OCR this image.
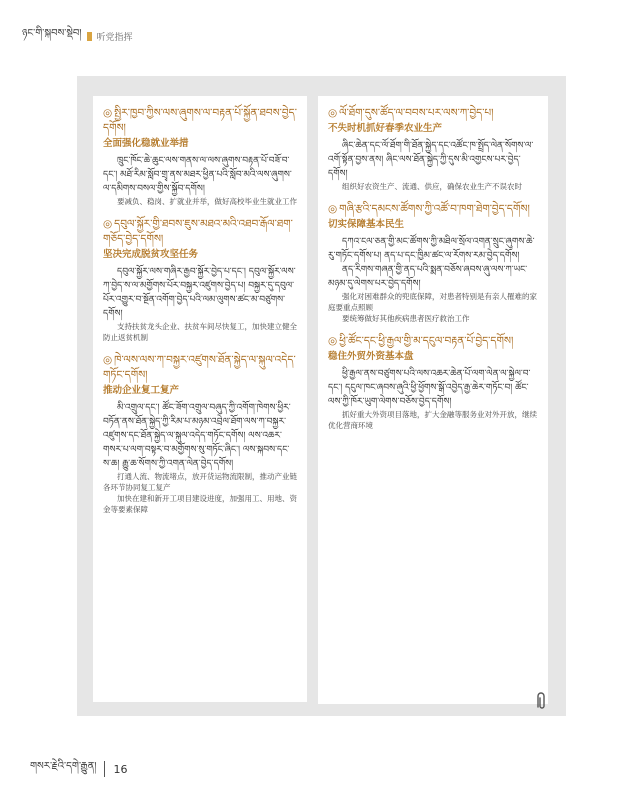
ཉང་གི་སྐབས་སྡེབ། 听党指挥
◎ སྤྱིར་ཁྱབ་ཀྱིས་ལས་ཞུགས་ལ་བརྟན་པོ་སྐྱོན་ཐབས་བྱེད་དགོས།
全面强化稳就业举措
ཁྲུང་ཁོང་ཆེ་ཆུང་ལས་གནས་ལ་ལས་ཞུགས་བརྟན་པོ་བཟོ་བ་དང་། མཐོ་རིམ་སློབ་གྲྭ་ནས་མཐར་ཕྱིན་པའི་སློབ་མའི་ལས་ཞུགས་ལ་དམིགས་བསལ་གྱིས་སྐྱོབ་དགོས།
要减负、稳岗、扩就业并举，做好高校毕业生就业工作
◎ དབུལ་སྐྱོར་གྱི་ཐབས་ཇུས་མཐའ་མའི་འཐབ་རྒོལ་ཐག་གཅོད་བྱེད་དགོས།
坚决完成脱贫攻坚任务
དབུལ་སྐྱོར་ལས་གཞིར་རྒྱབ་སྐྱོར་བྱེད་པ་དང་། དབུལ་སྐྱོར་ལས་ཀ་བྱེད་ས་ལ་མགྱོགས་པོར་བསྐྱར་འཛུགས་བྱེད་པ། བསྐྱར་དུ་དབུལ་པོར་འགྱུར་བ་སྔོན་འགོག་བྱེད་པའི་ལམ་ལུགས་ཚང་མ་བཙུགས་དགོས།
支持扶贫龙头企业、扶贫车间尽快复工，加快建立健全防止返贫机制
◎ ཁེ་ལས་ལས་ཀ་བསྐྱར་འཛུགས་ཐོན་སྐྱེད་ལ་སྐུལ་འདེད་གཏོང་དགོས།
推动企业复工复产
མི་འགྲུལ་དང་། ཚོང་ཟོག་འགྲུལ་བཞུད་ཀྱི་འགོག་ཁེགས་ཕྱིར་བཏོན་ནས་ཐོན་སྐྱེད་ཀྱི་རིམ་པ་མཉམ་འབྲེལ་ཐོག་ལས་ཀ་བསྐྱར་འཛུགས་དང་ཐོན་སྐྱེད་ལ་སྐུལ་འདེད་གཏོང་དགོས། ལས་འཆར་གསར་པ་ལག་བསྟར་བ་མགྱོགས་སུ་གཏོང་ཞིང་། ལས་སྐབས་དང་ས་ཆ། རྒྱུ་ཆ་སོགས་ཀྱི་འགན་ལེན་བྱེད་དགོས།
打通人流、物流堵点，放开货运物流限制，推动产业链各环节协同复工复产
加快在建和新开工项目建设进度，加强用工、用地、资金等要素保障
◎ ལོ་ཐོག་དུས་ཚོད་ལ་བབས་པར་ལས་ཀ་བྱེད་པ།
不失时机抓好春季农业生产
ཞིང་ཆེན་དང་ལོ་ཐོག་གི་ཐོན་སྐྱེད་དང་འཚོང་ཁ་སྤྲོད་ལེན་སོགས་ལ་འགོ་སྟོན་བྱས་ནས། ཞིང་ལས་ཐོན་སྐྱེད་ཀྱི་དུས་མི་འགྱངས་པར་བྱེད་དགོས།
组织好农资生产、流通、供应，确保农业生产不误农时
◎ གཞི་རྩའི་དམངས་ཚོགས་ཀྱི་འཚོ་བ་ཁག་ཐེག་བྱེད་དགོས།
切实保障基本民生
དཀའ་ངལ་ཅན་གྱི་མང་ཚོགས་ཀྱི་མཐིལ་སྲོལ་འགན་སྲུང་ཞུགས་ཆེ་རུ་གཏོང་དགོས་པ། ནད་པ་དང་ཁྱིམ་ཚང་ལ་རོགས་རམ་བྱེད་དགོས།
ནད་རིགས་གཞན་གྱི་ནད་པའི་སྨན་བཅོས་ཞབས་ཞུ་ལས་ཀ་ཡང་མཉམ་དུ་ལེགས་པར་བྱེད་དགོས།
强化对困难群众的兜底保障，对患者特别是有亲人罹难的家庭要重点照顾
要统筹做好其他疾病患者医疗救治工作
◎ ཕྱི་ཚོང་དང་ཕྱི་རྒྱལ་གྱི་མ་དངུལ་བརྟན་པོ་བྱེད་དགོས།
稳住外贸外资基本盘
ཕྱི་རྒྱལ་ནས་བཙུགས་པའི་ལས་འཆར་ཆེན་པོ་ལག་ལེན་ལ་སྐྱེལ་བ་དང་། དངུལ་ཁང་ཞབས་ཞུའི་ཕྱི་ཕྱོགས་སྒོ་འབྱེད་རྒྱ་ཆེར་གཏོང་བ། ཚོང་ལས་ཀྱི་ཁོར་ཡུག་ལེགས་བཅོས་བྱེད་དགོས།
抓好重大外资项目落地，扩大金融等服务业对外开放，继续优化营商环境
གསར་རྗེའི་དགེ་རྒྱུན། 16
